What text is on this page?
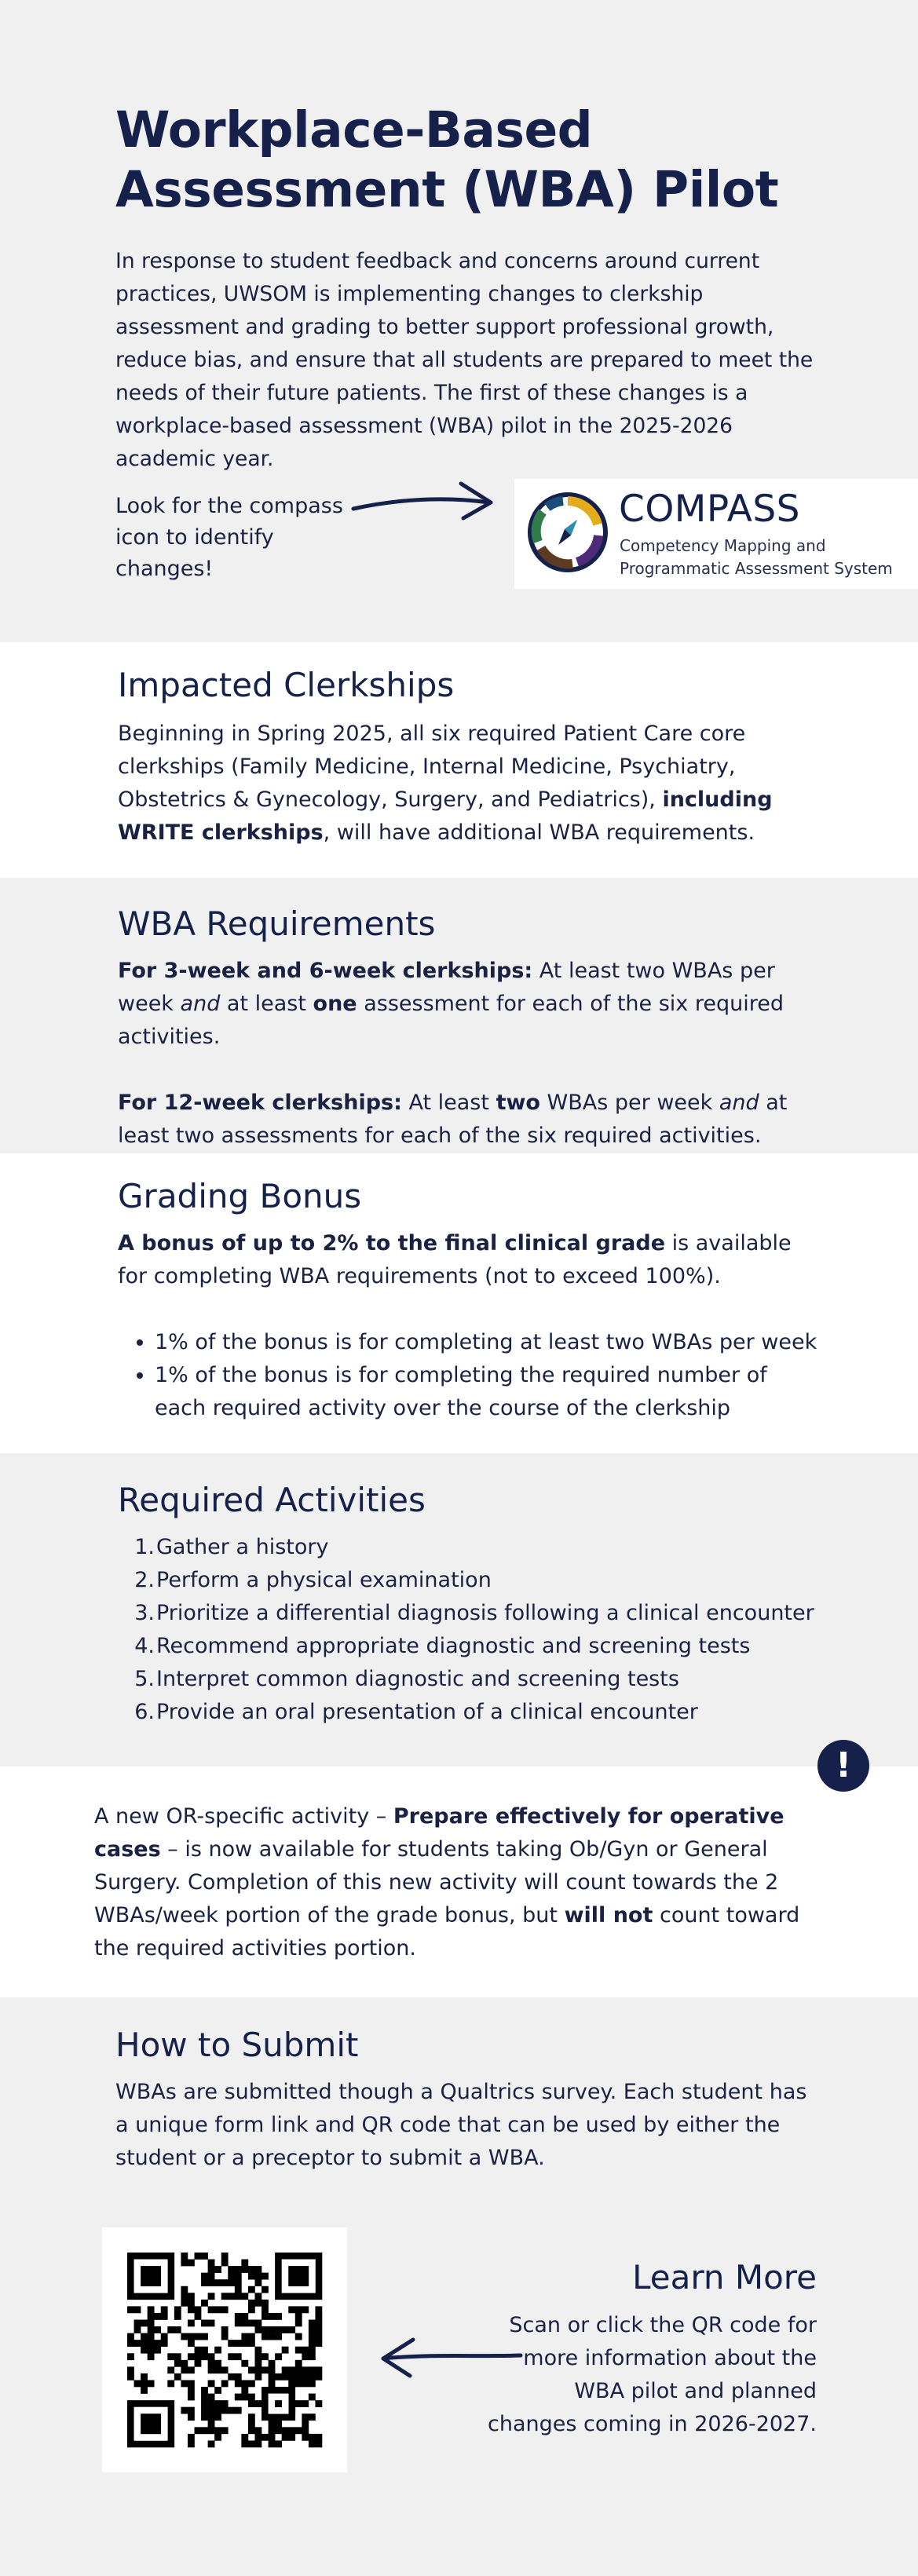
Workplace-Based Assessment (WBA) Pilot
In response to student feedback and concerns around current practices, UWSOM is implementing changes to clerkship assessment and grading to better support professional growth, reduce bias, and ensure that all students are prepared to meet the needs of their future patients. The first of these changes is a workplace-based assessment (WBA) pilot in the 2025-2026 academic year.
Look for the compass icon to identify changes!
COMPASS
Competency Mapping and Programmatic Assessment System
Impacted Clerkships

Beginning in Spring 2025, all six required Patient Care core clerkships (Family Medicine, Internal Medicine, Psychiatry, Obstetrics & Gynecology, Surgery, and Pediatrics), including WRITE clerkships, will have additional WBA requirements.

WBA Requirements

For 3-week and 6-week clerkships: At least two WBAs per week and at least one assessment for each of the six required activities.

For 12-week clerkships: At least two WBAs per week and at least two assessments for each of the six required activities.

Grading Bonus

A bonus of up to 2% to the final clinical grade is available for completing WBA requirements (not to exceed 100%).

• 1% of the bonus is for completing at least two WBAs per week
• 1% of the bonus is for completing the required number of each required activity over the course of the clerkship
Required Activities
1. Gather a history
2. Perform a physical examination
3. Prioritize a differential diagnosis following a clinical encounter
4. Recommend appropriate diagnostic and screening tests
5. Interpret common diagnostic and screening tests
6. Provide an oral presentation of a clinical encounter
!

A new OR-specific activity – Prepare effectively for operative cases – is now available for students taking Ob/Gyn or General Surgery. Completion of this new activity will count towards the 2 WBAs/week portion of the grade bonus, but will not count toward the required activities portion.

How to Submit

WBAs are submitted though a Qualtrics survey. Each student has a unique form link and QR code that can be used by either the student or a preceptor to submit a WBA.

Learn More
Scan or click the QR code for more information about the WBA pilot and planned changes coming in 2026-2027.
